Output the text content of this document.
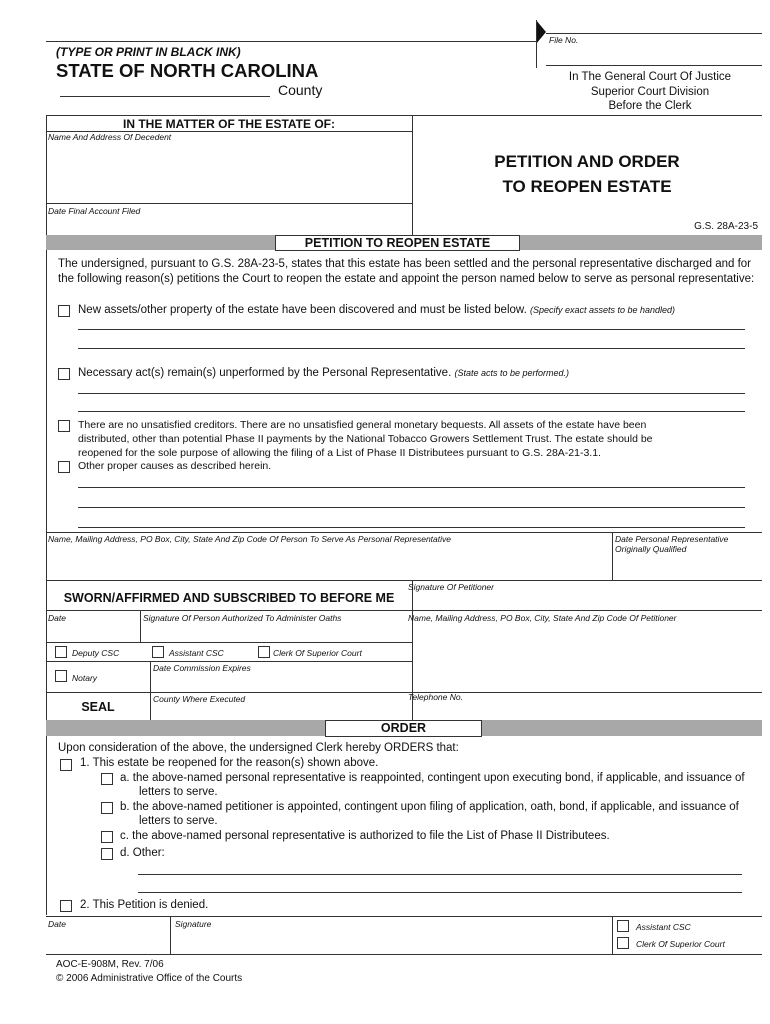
File No.
(TYPE OR PRINT IN BLACK INK)
STATE OF NORTH CAROLINA
County
In The General Court Of Justice
Superior Court Division
Before the Clerk
IN THE MATTER OF THE ESTATE OF:
Name And Address Of Decedent
Date Final Account Filed
PETITION AND ORDER
TO REOPEN ESTATE
G.S. 28A-23-5
PETITION TO REOPEN ESTATE
The undersigned, pursuant to G.S. 28A-23-5, states that this estate has been settled and the personal representative discharged and for
the following reason(s) petitions the Court to reopen the estate and appoint the person named below to serve as personal representative:
New assets/other property of the estate have been discovered and must be listed below. (Specify exact assets to be handled)
Necessary act(s) remain(s) unperformed by the Personal Representative. (State acts to be performed.)
There are no unsatisfied creditors. There are no unsatisfied general monetary bequests. All assets of the estate have been
distributed, other than potential Phase II payments by the National Tobacco Growers Settlement Trust. The estate should be
reopened for the sole purpose of allowing the filing of a List of Phase II Distributees pursuant to G.S. 28A-21-3.1.
Other proper causes as described herein.
Name, Mailing Address, PO Box, City, State And Zip Code Of Person To Serve As Personal Representative	Date Personal Representative
Originally Qualified
SWORN/AFFIRMED AND SUBSCRIBED TO BEFORE ME
Signature Of Petitioner
Date	Signature Of Person Authorized To Administer Oaths	Name, Mailing Address, PO Box, City, State And Zip Code Of Petitioner
Deputy CSC	Assistant CSC	Clerk Of Superior Court
Notary
Date Commission Expires
SEAL
County Where Executed	Telephone No.
ORDER
Upon consideration of the above, the undersigned Clerk hereby ORDERS that:
1. This estate be reopened for the reason(s) shown above.
a. the above-named personal representative is reappointed, contingent upon executing bond, if applicable, and issuance of
letters to serve.
b. the above-named petitioner is appointed, contingent upon filing of application, oath, bond, if applicable, and issuance of
letters to serve.
c. the above-named personal representative is authorized to file the List of Phase II Distributees.
d. Other:
2. This Petition is denied.
Date	Signature	Assistant CSC
Clerk Of Superior Court
AOC-E-908M, Rev. 7/06
© 2006 Administrative Office of the Courts
